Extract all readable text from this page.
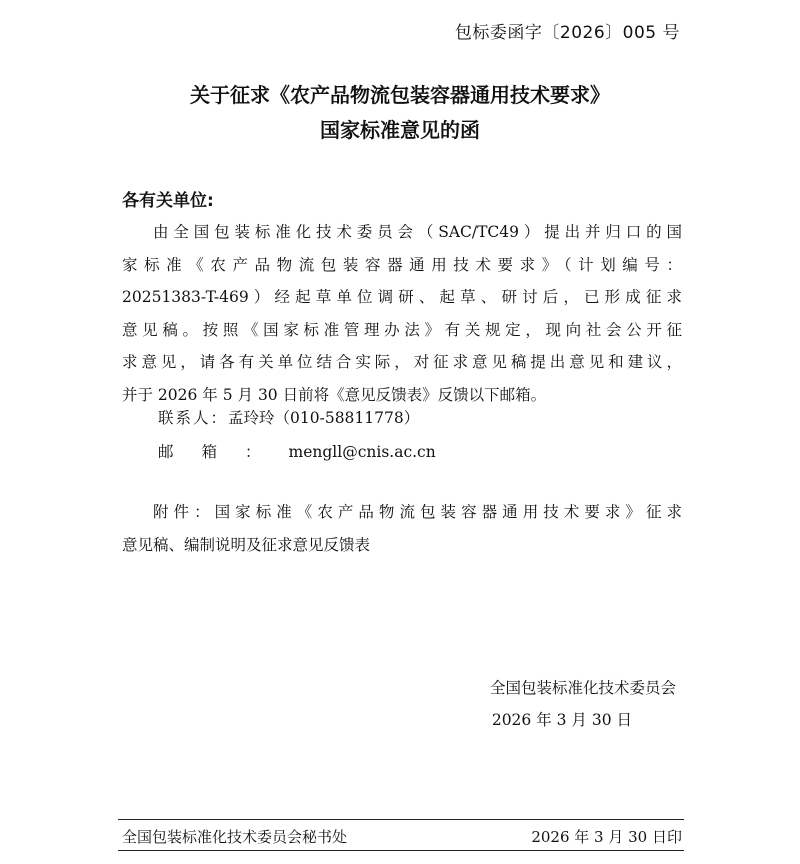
包标委函字〔2026〕005 号
关于征求《农产品物流包装容器通用技术要求》
国家标准意见的函
各有关单位:
由全国包装标准化技术委员会（SAC/TC49）提出并归口的国
家标准《农产品物流包装容器通用技术要求》（计划编号：
20251383-T-469）经起草单位调研、起草、研讨后，已形成征求
意见稿。按照《国家标准管理办法》有关规定，现向社会公开征
求意见，请各有关单位结合实际，对征求意见稿提出意见和建议，
并于 2026 年 5 月 30 日前将《意见反馈表》反馈以下邮箱。
联系人：孟玲玲（010-58811778）
邮箱：mengll@cnis.ac.cn
附件：国家标准《农产品物流包装容器通用技术要求》征求
意见稿、编制说明及征求意见反馈表
全国包装标准化技术委员会
2026 年 3 月 30 日
全国包装标准化技术委员会秘书处	2026 年 3 月 30 日印
